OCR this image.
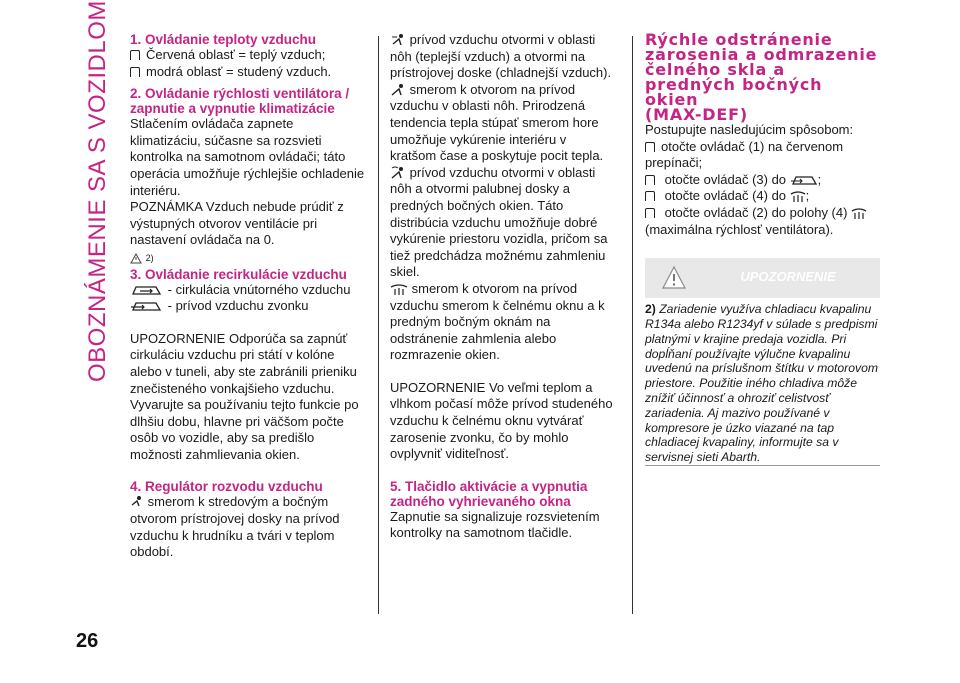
OBOZNÁMENIE SA S VOZIDLOM
26
1. Ovládanie teploty vzduchu

Červená oblasť = teplý vzduch;

modrá oblasť = studený vzduch.

2. Ovládanie rýchlosti ventilátora /
zapnutie a vypnutie klimatizácie

Stlačením ovládača zapnete klimatizáciu, súčasne sa rozsvieti kontrolka na samotnom ovládači; táto operácia umožňuje rýchlejšie ochladenie interiéru.

POZNÁMKA Vzduch nebude prúdiť z výstupných otvorov ventilácie pri nastavení ovládača na 0.

2)

3. Ovládanie recirkulácie vzduchu

- cirkulácia vnútorného vzduchu

- prívod vzduchu zvonku

UPOZORNENIE Odporúča sa zapnúť cirkuláciu vzduchu pri státí v kolóne alebo v tuneli, aby ste zabránili prieniku znečisteného vonkajšieho vzduchu. Vyvarujte sa používaniu tejto funkcie po dlhšiu dobu, hlavne pri väčšom počte osôb vo vozidle, aby sa predišlo možnosti zahmlievania okien.

4. Regulátor rozvodu vzduchu

smerom k stredovým a bočným otvorom prístrojovej dosky na prívod vzduchu k hrudníku a tvári v teplom období.

prívod vzduchu otvormi v oblasti nôh (teplejší vzduch) a otvormi na prístrojovej doske (chladnejší vzduch).

smerom k otvorom na prívod vzduchu v oblasti nôh. Prirodzená tendencia tepla stúpať smerom hore umožňuje vykúrenie interiéru v kratšom čase a poskytuje pocit tepla.

prívod vzduchu otvormi v oblasti nôh a otvormi palubnej dosky a predných bočných okien. Táto distribúcia vzduchu umožňuje dobré vykúrenie priestoru vozidla, pričom sa tiež predchádza možnému zahmleniu skiel.

smerom k otvorom na prívod vzduchu smerom k čelnému oknu a k predným bočným oknám na odstránenie zahmlenia alebo rozmrazenie okien.

UPOZORNENIE Vo veľmi teplom a vlhkom počasí môže prívod studeného vzduchu k čelnému oknu vytvárať zarosenie zvonku, čo by mohlo ovplyvniť viditeľnosť.

5. Tlačidlo aktivácie a vypnutia
zadného vyhrievaného okna

Zapnutie sa signalizuje rozsvietením kontrolky na samotnom tlačidle.

Rýchle odstránenie
zarosenia a odmrazenie
čelného skla a
predných bočných okien
(MAX-DEF)

Postupujte nasledujúcim spôsobom:

otočte ovládač (1) na červenom prepínači;

otočte ovládač (3) do ;

otočte ovládač (4) do ;

otočte ovládač (2) do polohy (4)

(maximálna rýchlosť ventilátora).

UPOZORNENIE
2) Zariadenie využíva chladiacu kvapalinu R134a alebo R1234yf v súlade s predpismi platnými v krajine predaja vozidla. Pri dopĺňaní používajte výlučne kvapalinu uvedenú na príslušnom štítku v motorovom priestore. Použitie iného chladiva môže znížiť účinnosť a ohroziť celistvosť zariadenia. Aj mazivo používané v kompresore je úzko viazané na tap chladiacej kvapaliny, informujte sa v servisnej sieti Abarth.
